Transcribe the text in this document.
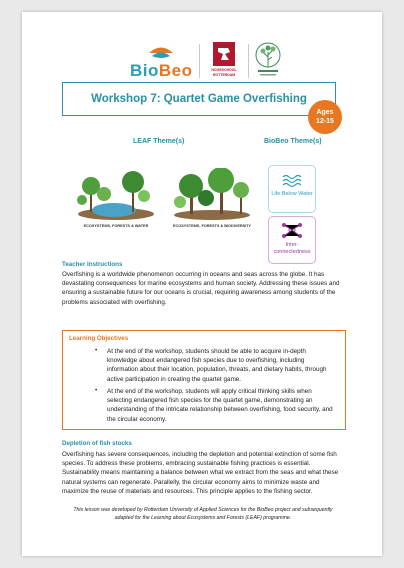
BioBeo	HOGESCHOOL
ROTTERDAM
Workshop 7: Quartet Game Overfishing
Ages
12-15
LEAF Theme(s)	BioBeo Theme(s)
ECOSYSTEMS, FORESTS & WATER	ECOSYSTEMS, FORESTS & BIODIVERSITY
Life Below Water
Inter-connectedness
Teacher Instructions

Overfishing is a worldwide phenomenon occurring in oceans and seas across the globe. It has devastating consequences for marine ecosystems and human society. Addressing these issues and ensuring a sustainable future for our oceans is crucial, requiring awareness among students of the problems associated with overfishing.

Learning Objectives
• At the end of the workshop, students should be able to acquire in-depth knowledge about endangered fish species due to overfishing, including information about their location, population, threats, and dietary habits, through active participation in creating the quartet game.

• At the end of the workshop, students will apply critical thinking skills when selecting endangered fish species for the quartet game, demonstrating an understanding of the intricate relationship between overfishing, food security, and the circular economy.

Depletion of fish stocks

Overfishing has severe consequences, including the depletion and potential extinction of some fish species. To address these problems, embracing sustainable fishing practices is essential. Sustainability means maintaining a balance between what we extract from the seas and what these natural systems can regenerate. Parallelly, the circular economy aims to minimize waste and maximize the reuse of materials and resources. This principle applies to the fishing sector.

This lesson was developed by Rotterdam University of Applied Sciences for the BioBeo project and subsequently adapted for the Learning about Ecosystems and Forests (LEAF) programme.
